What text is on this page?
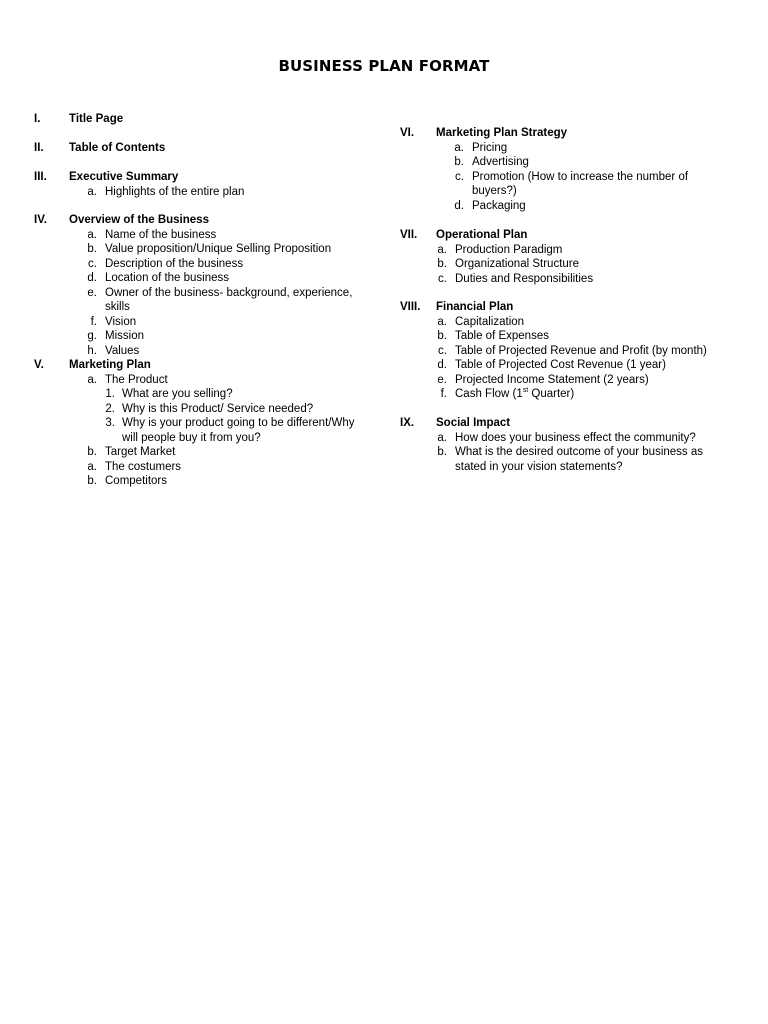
BUSINESS PLAN FORMAT
I. Title Page
II. Table of Contents
III. Executive Summary
a. Highlights of the entire plan
IV. Overview of the Business
a. Name of the business
b. Value proposition/Unique Selling Proposition
c. Description of the business
d. Location of the business
e. Owner of the business- background, experience,
skills
f. Vision
g. Mission
h. Values
V. Marketing Plan
a. The Product
1. What are you selling?
2. Why is this Product/ Service needed?
3. Why is your product going to be different/Why
will people buy it from you?
b. Target Market
a. The costumers
b. Competitors
VI. Marketing Plan Strategy
a. Pricing
b. Advertising
c. Promotion (How to increase the number of
buyers?)
d. Packaging
VII. Operational Plan
a. Production Paradigm
b. Organizational Structure
c. Duties and Responsibilities
VIII. Financial Plan
a. Capitalization
b. Table of Expenses
c. Table of Projected Revenue and Profit (by month)
d. Table of Projected Cost Revenue (1 year)
e. Projected Income Statement (2 years)
f. Cash Flow (1st Quarter)
IX. Social Impact
a. How does your business effect the community?
b. What is the desired outcome of your business as
stated in your vision statements?
